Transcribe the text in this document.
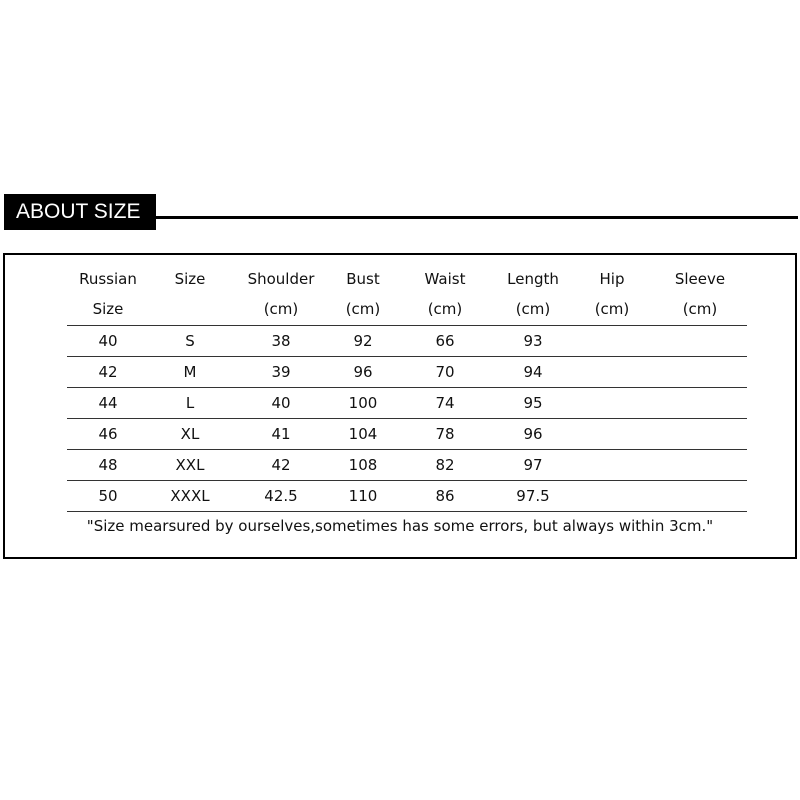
ABOUT SIZE
Russian	Size	Shoulder	Bust	Waist	Length	Hip	Sleeve
Size		(cm)	(cm)	(cm)	(cm)	(cm)	(cm)
40	S	38	92	66	93		
42	M	39	96	70	94		
44	L	40	100	74	95		
46	XL	41	104	78	96		
48	XXL	42	108	82	97		
50	XXXL	42.5	110	86	97.5		
"Size mearsured by ourselves,sometimes has some errors, but always within 3cm."
